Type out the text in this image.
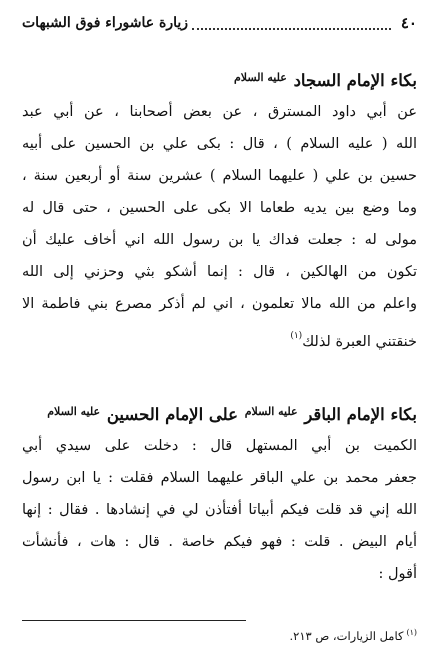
٤٠
زيارة عاشوراء فوق الشبهات
بكاء الإمام السجاد $^{عليه السلام}$
عن أبي داود المسترق ، عن بعض أصحابنا ، عن أبي عبد
الله ( عليه السلام ) ، قال : بكى علي بن الحسين على أبيه
حسين بن علي ( عليهما السلام ) عشرين سنة أو أربعين سنة ،
وما وضع بين يديه طعاما الا بكى على الحسين ، حتى قال له
مولى له : جعلت فداك يا بن رسول الله اني أخاف عليك أن
تكون من الهالكين ، قال : إنما أشكو بثي وحزني إلى الله
واعلم من الله مالا تعلمون ، اني لم أذكر مصرع بني فاطمة الا
خنقتني العبرة لذلك$^{(١)}$
بكاء الإمام الباقر $^{عليه السلام}$ على الإمام الحسين $^{عليه السلام}$
الكميت بن أبي المستهل قال : دخلت على سيدي أبي
جعفر محمد بن علي الباقر عليهما السلام فقلت : يا ابن رسول
الله إني قد قلت فيكم أبياتا أفتأذن لي في إنشادها . فقال : إنها
أيام البيض . قلت : فهو فيكم خاصة . قال : هات ، فأنشأت
أقول :
$^{(١)}$كامل الزيارات، ص ٢١٣.
